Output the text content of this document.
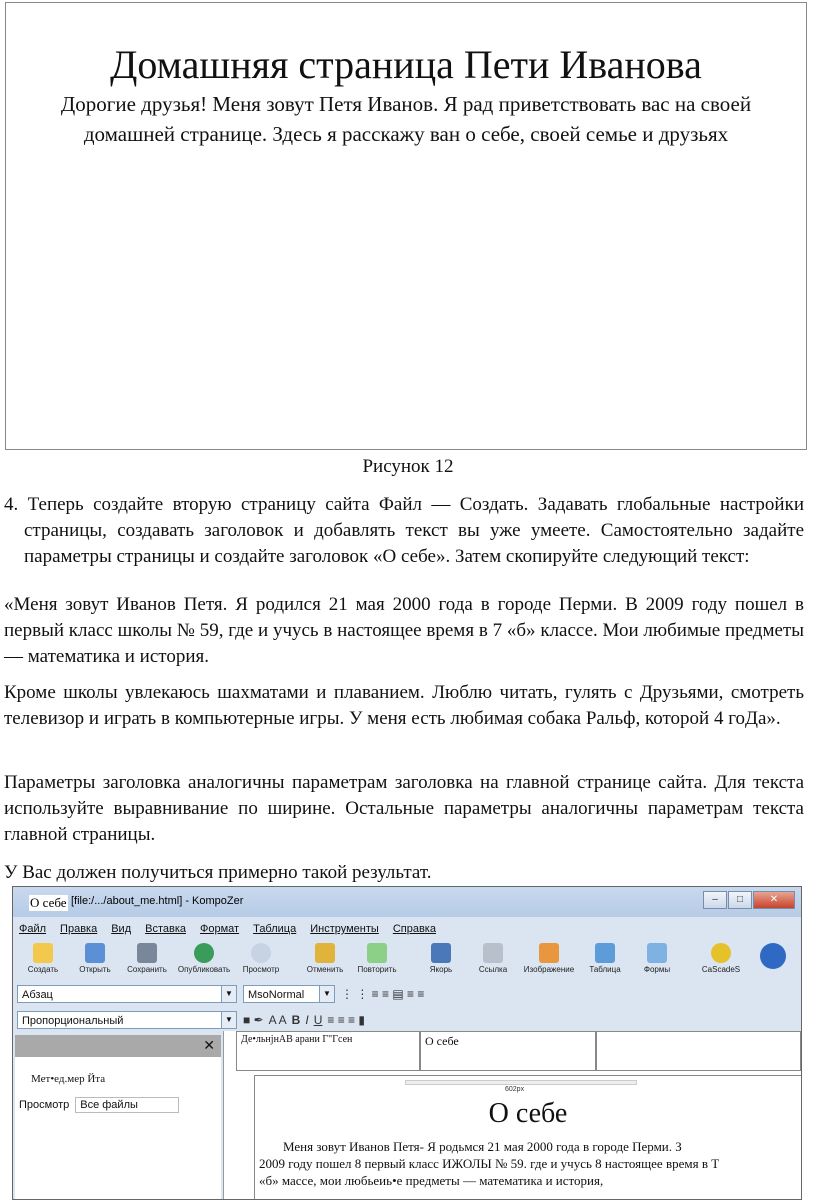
Домашняя страница Пети Иванова
Дорогие друзья! Меня зовут Петя Иванов. Я рад приветствовать вас на своей домашней странице. Здесь я расскажу ван о себе, своей семье и друзьях
Рисунок 12
4. Теперь создайте вторую страницу сайта Файл — Создать. Задавать глобальные настройки страницы, создавать заголовок и добавлять текст вы уже умеете. Самостоятельно задайте параметры страницы и создайте заголовок «О себе». Затем скопируйте следующий текст:
«Меня зовут Иванов Петя. Я родился 21 мая 2000 года в городе Перми. В 2009 году пошел в первый класс школы № 59, где и учусь в настоящее время в 7 «б» классе. Мои любимые предметы — математика и история.
Кроме школы увлекаюсь шахматами и плаванием. Люблю читать, гулять с Друзьями, смотреть телевизор и играть в компьютерные игры. У меня есть любимая собака Ральф, которой 4 гоДа».
Параметры заголовка аналогичны параметрам заголовка на главной странице сайта. Для текста используйте выравнивание по ширине. Остальные параметры аналогичны параметрам текста главной страницы.
У Вас должен получиться примерно такой результат.
[file:/.../about_me.html] - KompoZer
О себе	–	□	✕
Файл Правка Вид Вставка Формат Таблица Инструменты Справка
Создать	Открыть	Сохранить	Опубликовать	Просмотр	Отменить	Повторить	Якорь	Ссылка	Изображение	Таблица	Формы	CaScadeS
Абзац	▼	MsoNormal	▼ ⋮ ⋮ ≡ ≡ ▤ ≡ ≡
Пропорциональный	▼ ■ ✒ A A B I U ≡ ≡ ≡ ▮
✕
Мет•ед.мер Йта
Просмотр	Все файлы
Де•льнjнАВ арани Г"Гсен	О себе
602px
О себе
Меня зовут Иванов Петя- Я родьмся 21 мая 2000 года в городе Перми. З
2009 году пошел 8 первый класс ИЖОЛЫ № 59. где и учусь 8 настоящее время в Т
«б» массе, мои любьеиь•е предметы — математика и история,
